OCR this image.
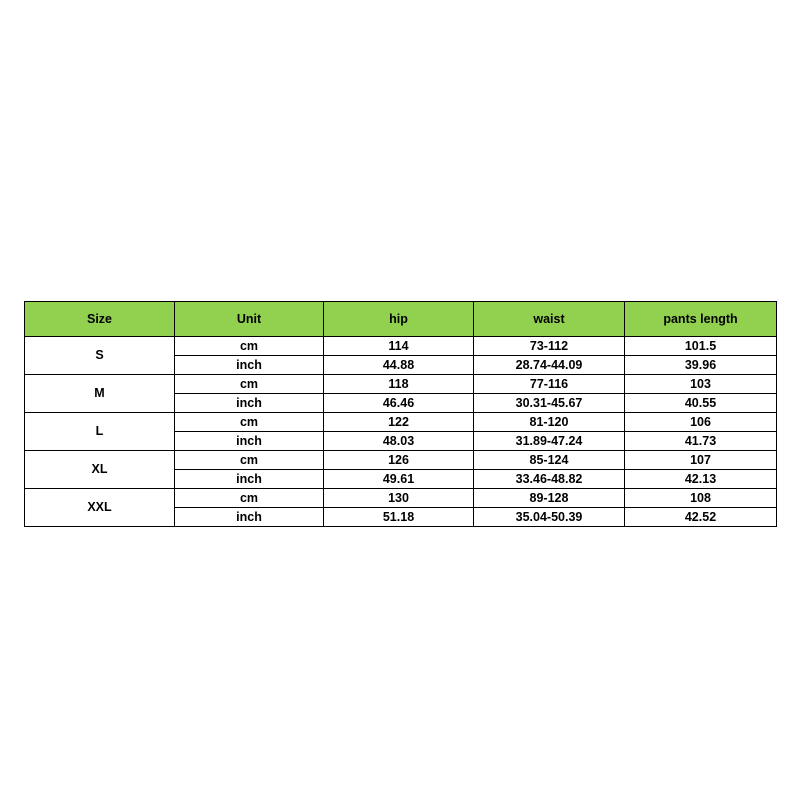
Size	Unit	hip	waist	pants length
S	cm	114	73-112	101.5
	inch	44.88	28.74-44.09	39.96
M	cm	118	77-116	103
	inch	46.46	30.31-45.67	40.55
L	cm	122	81-120	106
	inch	48.03	31.89-47.24	41.73
XL	cm	126	85-124	107
	inch	49.61	33.46-48.82	42.13
XXL	cm	130	89-128	108
	inch	51.18	35.04-50.39	42.52
